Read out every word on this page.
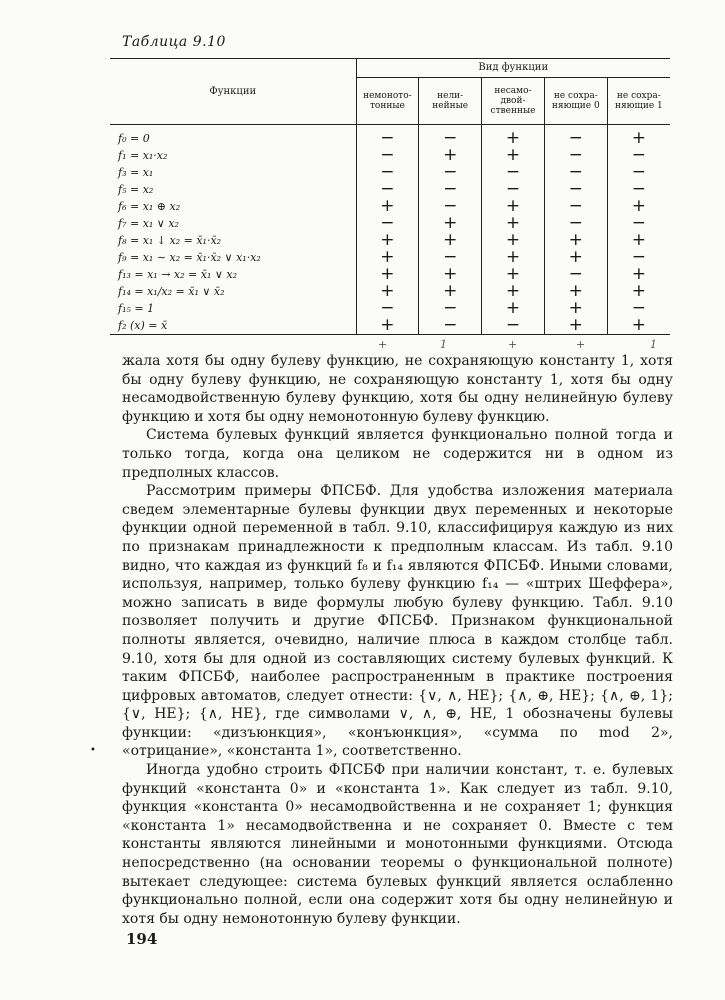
Таблица 9.10
Функции	Вид функции				
	немоното-тонные	нели-нейные	несамо-двой-ственные	не сохра-няющие 0	не сохра-няющие 1
f₀ = 0	−	−	+	−	+
f₁ = x₁·x₂	−	+	+	−	−
f₃ = x₁	−	−	−	−	−
f₅ = x₂	−	−	−	−	−
f₆ = x₁ ⊕ x₂	+	−	+	−	+
f₇ = x₁ ∨ x₂	−	+	+	−	−
f₈ = x₁ ↓ x₂ = x̄₁·x̄₂	+	+	+	+	+
f₉ = x₁ ∼ x₂ = x̄₁·x̄₂ ∨ x₁·x₂	+	−	+	+	−
f₁₃ = x₁ → x₂ = x̄₁ ∨ x₂	+	+	+	−	+
f₁₄ = x₁/x₂ = x̄₁ ∨ x̄₂	+	+	+	+	+
f₁₅ = 1	−	−	+	+	−
f₂ (x) = x̄	+	−	−	+	+
+	1	+	+	1

жала хотя бы одну булеву функцию, не сохраняющую константу 1, хотя бы одну булеву функцию, не сохраняющую константу 1, хотя бы одну несамодвойственную булеву функцию, хотя бы одну нелинейную булеву функцию и хотя бы одну немонотонную булеву функцию.

Система булевых функций является функционально полной тогда и только тогда, когда она целиком не содержится ни в одном из предполных классов.

Рассмотрим примеры ФПСБФ. Для удобства изложения материала сведем элементарные булевы функции двух переменных и некоторые функции одной переменной в табл. 9.10, классифицируя каждую из них по признакам принадлежности к предполным классам. Из табл. 9.10 видно, что каждая из функций f₈ и f₁₄ являются ФПСБФ. Иными словами, используя, например, только булеву функцию f₁₄ — «штрих Шеффера», можно записать в виде формулы любую булеву функцию. Табл. 9.10 позволяет получить и другие ФПСБФ. Признаком функциональной полноты является, очевидно, наличие плюса в каждом столбце табл. 9.10, хотя бы для одной из составляющих систему булевых функций. К таким ФПСБФ, наиболее распространенным в практике построения цифровых автоматов, следует отнести: {∨, ∧, НЕ}; {∧, ⊕, НЕ}; {∧, ⊕, 1}; {∨, НЕ}; {∧, НЕ}, где символами ∨, ∧, ⊕, НЕ, 1 обозначены булевы функции: «дизъюнкция», «конъюнкция», «сумма по mod 2», «отрицание», «константа 1», соответственно.

Иногда удобно строить ФПСБФ при наличии констант, т. е. булевых функций «константа 0» и «константа 1». Как следует из табл. 9.10, функция «константа 0» несамодвойственна и не сохраняет 1; функция «константа 1» несамодвойственна и не сохраняет 0. Вместе с тем константы являются линейными и монотонными функциями. Отсюда непосредственно (на основании теоремы о функциональной полноте) вытекает следующее: система булевых функций является ослабленно функционально полной, если она содержит хотя бы одну нелинейную и хотя бы одну немонотонную булеву функции.

•
194
